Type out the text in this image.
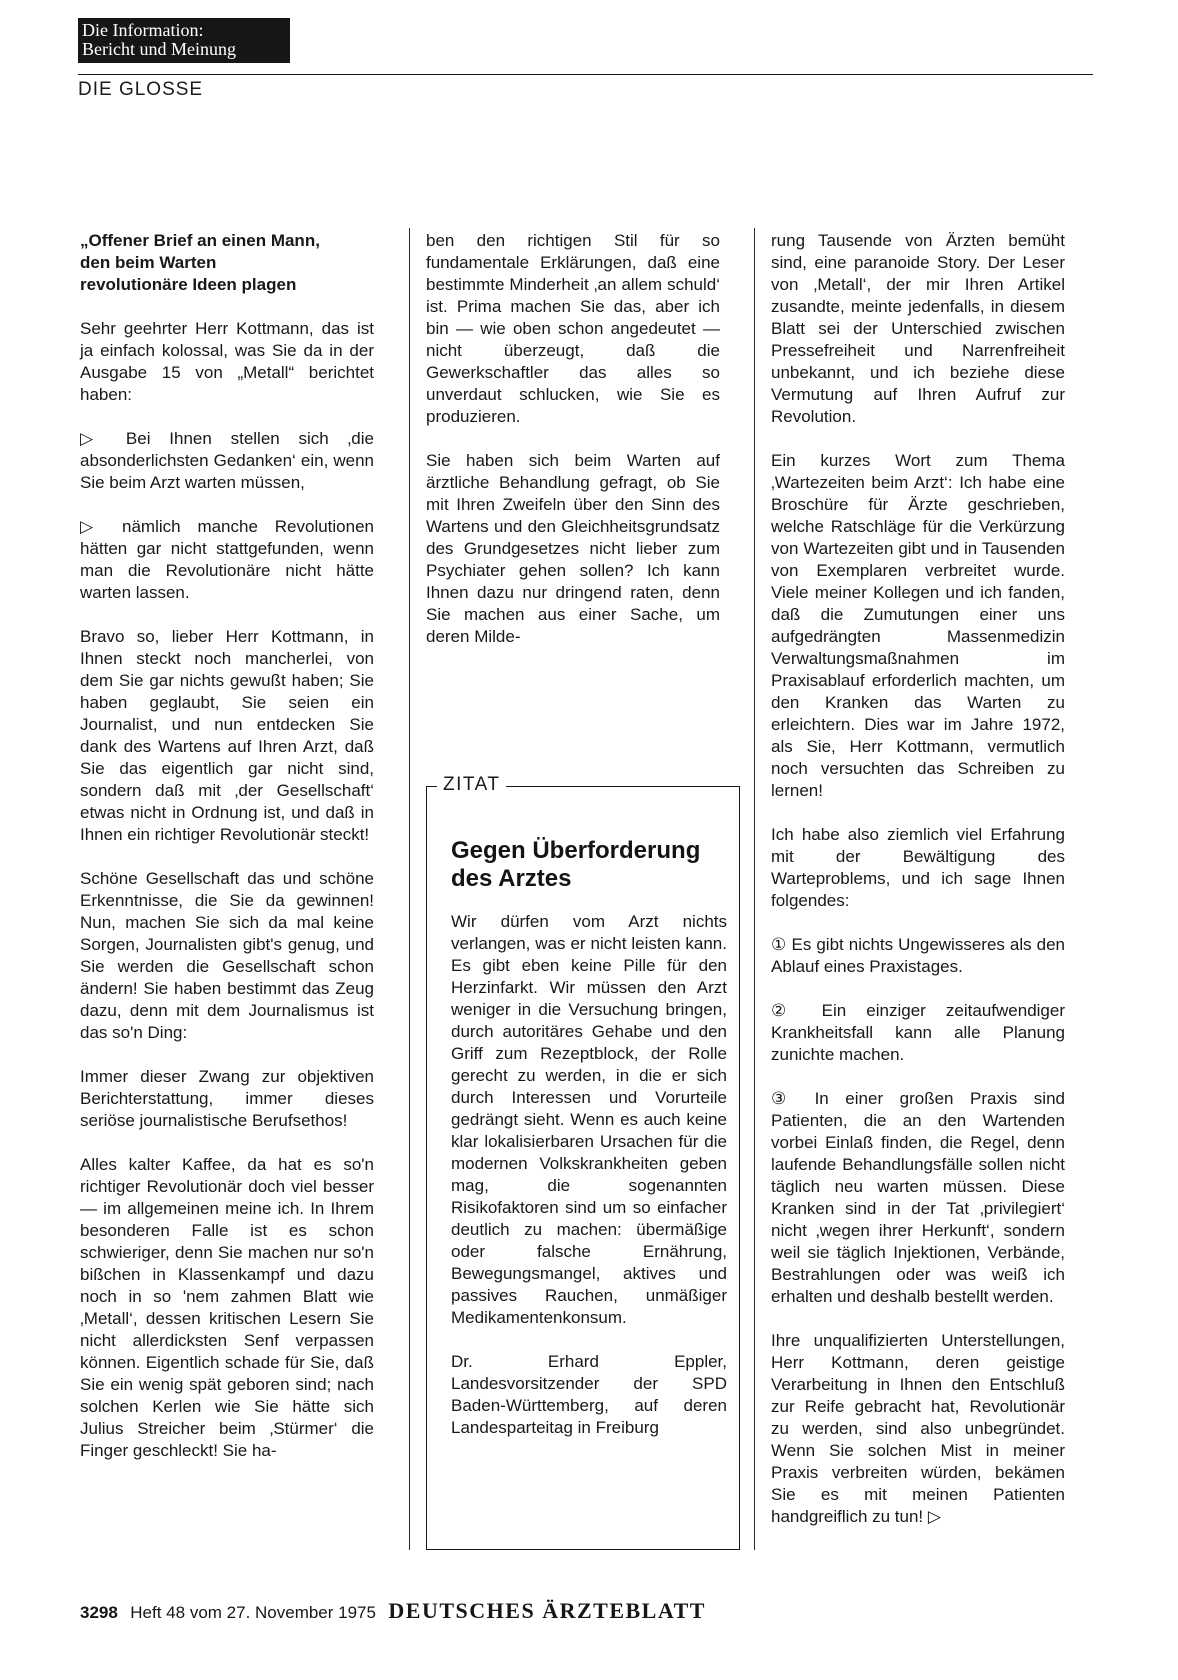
Die Information:
Bericht und Meinung
DIE GLOSSE
„Offener Brief an einen Mann,
den beim Warten
revolutionäre Ideen plagen

Sehr geehrter Herr Kottmann, das ist ja einfach kolossal, was Sie da in der Ausgabe 15 von „Metall“ berichtet haben:

▷ Bei Ihnen stellen sich ‚die absonderlichsten Gedanken‘ ein, wenn Sie beim Arzt warten müssen,

▷ nämlich manche Revolutionen hätten gar nicht stattgefunden, wenn man die Revolutionäre nicht hätte warten lassen.

Bravo so, lieber Herr Kottmann, in Ihnen steckt noch mancherlei, von dem Sie gar nichts gewußt haben; Sie haben geglaubt, Sie seien ein Journalist, und nun entdecken Sie dank des Wartens auf Ihren Arzt, daß Sie das eigentlich gar nicht sind, sondern daß mit ‚der Gesellschaft‘ etwas nicht in Ordnung ist, und daß in Ihnen ein richtiger Revolutionär steckt!

Schöne Gesellschaft das und schöne Erkenntnisse, die Sie da gewinnen! Nun, machen Sie sich da mal keine Sorgen, Journalisten gibt's genug, und Sie werden die Gesellschaft schon ändern! Sie haben bestimmt das Zeug dazu, denn mit dem Journalismus ist das so'n Ding:

Immer dieser Zwang zur objektiven Berichterstattung, immer dieses seriöse journalistische Berufsethos!

Alles kalter Kaffee, da hat es so'n richtiger Revolutionär doch viel besser — im allgemeinen meine ich. In Ihrem besonderen Falle ist es schon schwieriger, denn Sie machen nur so'n bißchen in Klassenkampf und dazu noch in so 'nem zahmen Blatt wie ‚Metall‘, dessen kritischen Lesern Sie nicht allerdicksten Senf verpassen können. Eigentlich schade für Sie, daß Sie ein wenig spät geboren sind; nach solchen Kerlen wie Sie hätte sich Julius Streicher beim ‚Stürmer‘ die Finger geschleckt! Sie ha-

ben den richtigen Stil für so fundamentale Erklärungen, daß eine bestimmte Minderheit ‚an allem schuld‘ ist. Prima machen Sie das, aber ich bin — wie oben schon angedeutet — nicht überzeugt, daß die Gewerkschaftler das alles so unverdaut schlucken, wie Sie es produzieren.

Sie haben sich beim Warten auf ärztliche Behandlung gefragt, ob Sie mit Ihren Zweifeln über den Sinn des Wartens und den Gleichheitsgrundsatz des Grundgesetzes nicht lieber zum Psychiater gehen sollen? Ich kann Ihnen dazu nur dringend raten, denn Sie machen aus einer Sache, um deren Milde-

ZITAT
Gegen Überforderung
des Arztes

Wir dürfen vom Arzt nichts verlangen, was er nicht leisten kann. Es gibt eben keine Pille für den Herzinfarkt. Wir müssen den Arzt weniger in die Versuchung bringen, durch autoritäres Gehabe und den Griff zum Rezeptblock, der Rolle gerecht zu werden, in die er sich durch Interessen und Vorurteile gedrängt sieht. Wenn es auch keine klar lokalisierbaren Ursachen für die modernen Volkskrankheiten geben mag, die sogenannten Risikofaktoren sind um so einfacher deutlich zu machen: übermäßige oder falsche Ernährung, Bewegungsmangel, aktives und passives Rauchen, unmäßiger Medikamentenkonsum.

Dr. Erhard Eppler, Landesvorsitzender der SPD Baden-Württemberg, auf deren Landesparteitag in Freiburg

rung Tausende von Ärzten bemüht sind, eine paranoide Story. Der Leser von ‚Metall‘, der mir Ihren Artikel zusandte, meinte jedenfalls, in diesem Blatt sei der Unterschied zwischen Pressefreiheit und Narrenfreiheit unbekannt, und ich beziehe diese Vermutung auf Ihren Aufruf zur Revolution.

Ein kurzes Wort zum Thema ‚Wartezeiten beim Arzt‘: Ich habe eine Broschüre für Ärzte geschrieben, welche Ratschläge für die Verkürzung von Wartezeiten gibt und in Tausenden von Exemplaren verbreitet wurde. Viele meiner Kollegen und ich fanden, daß die Zumutungen einer uns aufgedrängten Massenmedizin Verwaltungsmaßnahmen im Praxisablauf erforderlich machten, um den Kranken das Warten zu erleichtern. Dies war im Jahre 1972, als Sie, Herr Kottmann, vermutlich noch versuchten das Schreiben zu lernen!

Ich habe also ziemlich viel Erfahrung mit der Bewältigung des Warteproblems, und ich sage Ihnen folgendes:

① Es gibt nichts Ungewisseres als den Ablauf eines Praxistages.

② Ein einziger zeitaufwendiger Krankheitsfall kann alle Planung zunichte machen.

③ In einer großen Praxis sind Patienten, die an den Wartenden vorbei Einlaß finden, die Regel, denn laufende Behandlungsfälle sollen nicht täglich neu warten müssen. Diese Kranken sind in der Tat ‚privilegiert‘ nicht ‚wegen ihrer Herkunft‘, sondern weil sie täglich Injektionen, Verbände, Bestrahlungen oder was weiß ich erhalten und deshalb bestellt werden.

Ihre unqualifizierten Unterstellungen, Herr Kottmann, deren geistige Verarbeitung in Ihnen den Entschluß zur Reife gebracht hat, Revolutionär zu werden, sind also unbegründet. Wenn Sie solchen Mist in meiner Praxis verbreiten würden, bekämen Sie es mit meinen Patienten handgreiflich zu tun! ▷

3298 Heft 48 vom 27. November 1975 DEUTSCHES ÄRZTEBLATT
